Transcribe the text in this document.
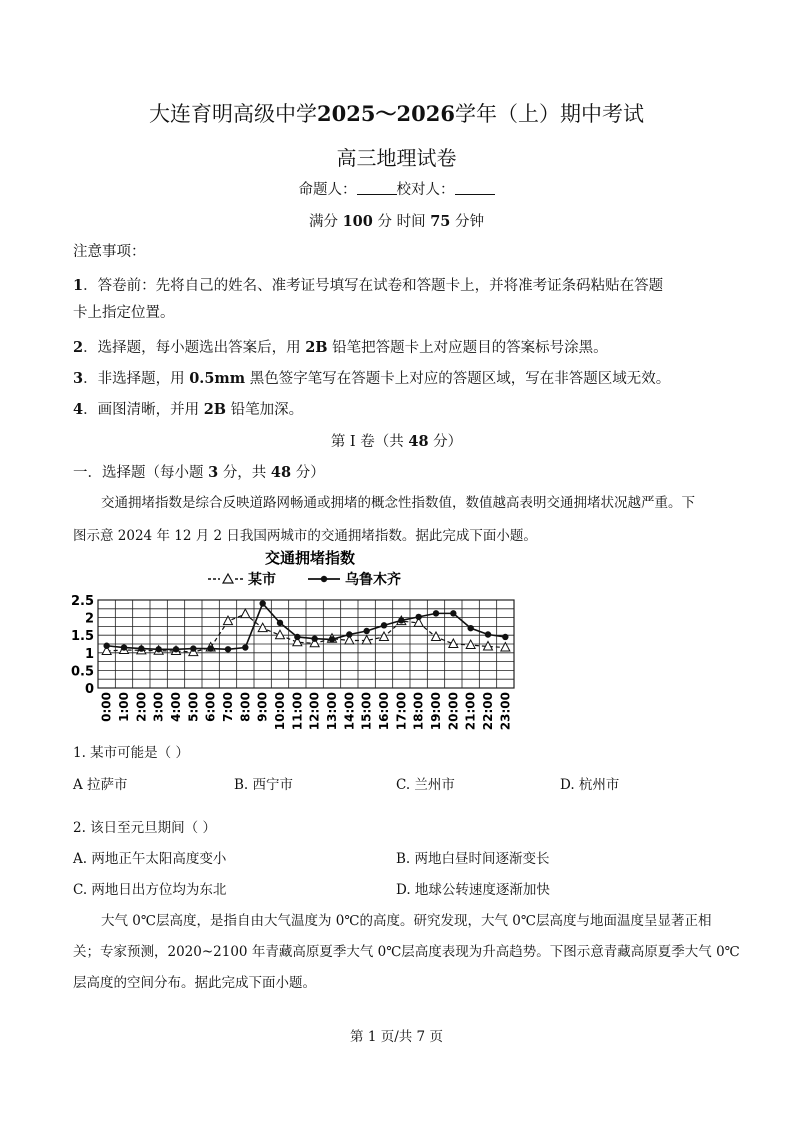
大连育明高级中学2025～2026学年（上）期中考试
高三地理试卷
命题人：	校对人：
满分 100 分 时间 75 分钟
注意事项：
1．答卷前：先将自己的姓名、准考证号填写在试卷和答题卡上，并将准考证条码粘贴在答题
卡上指定位置。
2．选择题，每小题选出答案后，用 2B 铅笔把答题卡上对应题目的答案标号涂黑。
3．非选择题，用 0.5mm 黑色签字笔写在答题卡上对应的答题区域，写在非答题区域无效。
4．画图清晰，并用 2B 铅笔加深。
第 Ⅰ 卷（共 48 分）
一．选择题（每小题 3 分，共 48 分）
交通拥堵指数是综合反映道路网畅通或拥堵的概念性指数值，数值越高表明交通拥堵状况越严重。下
图示意 2024 年 12 月 2 日我国两城市的交通拥堵指数。据此完成下面小题。
交通拥堵指数
某市	乌鲁木齐
0
0.5
1
1.5
2
2.5
0:00 1:00 2:00 3:00 4:00 5:00 6:00 7:00 8:00 9:00 10:00 11:00 12:00 13:00 14:00 15:00 16:00 17:00 18:00 19:00 20:00 21:00 22:00 23:00
1. 某市可能是（ ）
A 拉萨市	B. 西宁市	C. 兰州市	D. 杭州市
2. 该日至元旦期间（ ）
A. 两地正午太阳高度变小	B. 两地白昼时间逐渐变长
C. 两地日出方位均为东北	D. 地球公转速度逐渐加快
大气 0℃层高度，是指自由大气温度为 0℃的高度。研究发现，大气 0℃层高度与地面温度呈显著正相
关；专家预测，2020~2100 年青藏高原夏季大气 0℃层高度表现为升高趋势。下图示意青藏高原夏季大气 0℃
层高度的空间分布。据此完成下面小题。
第 1 页/共 7 页
